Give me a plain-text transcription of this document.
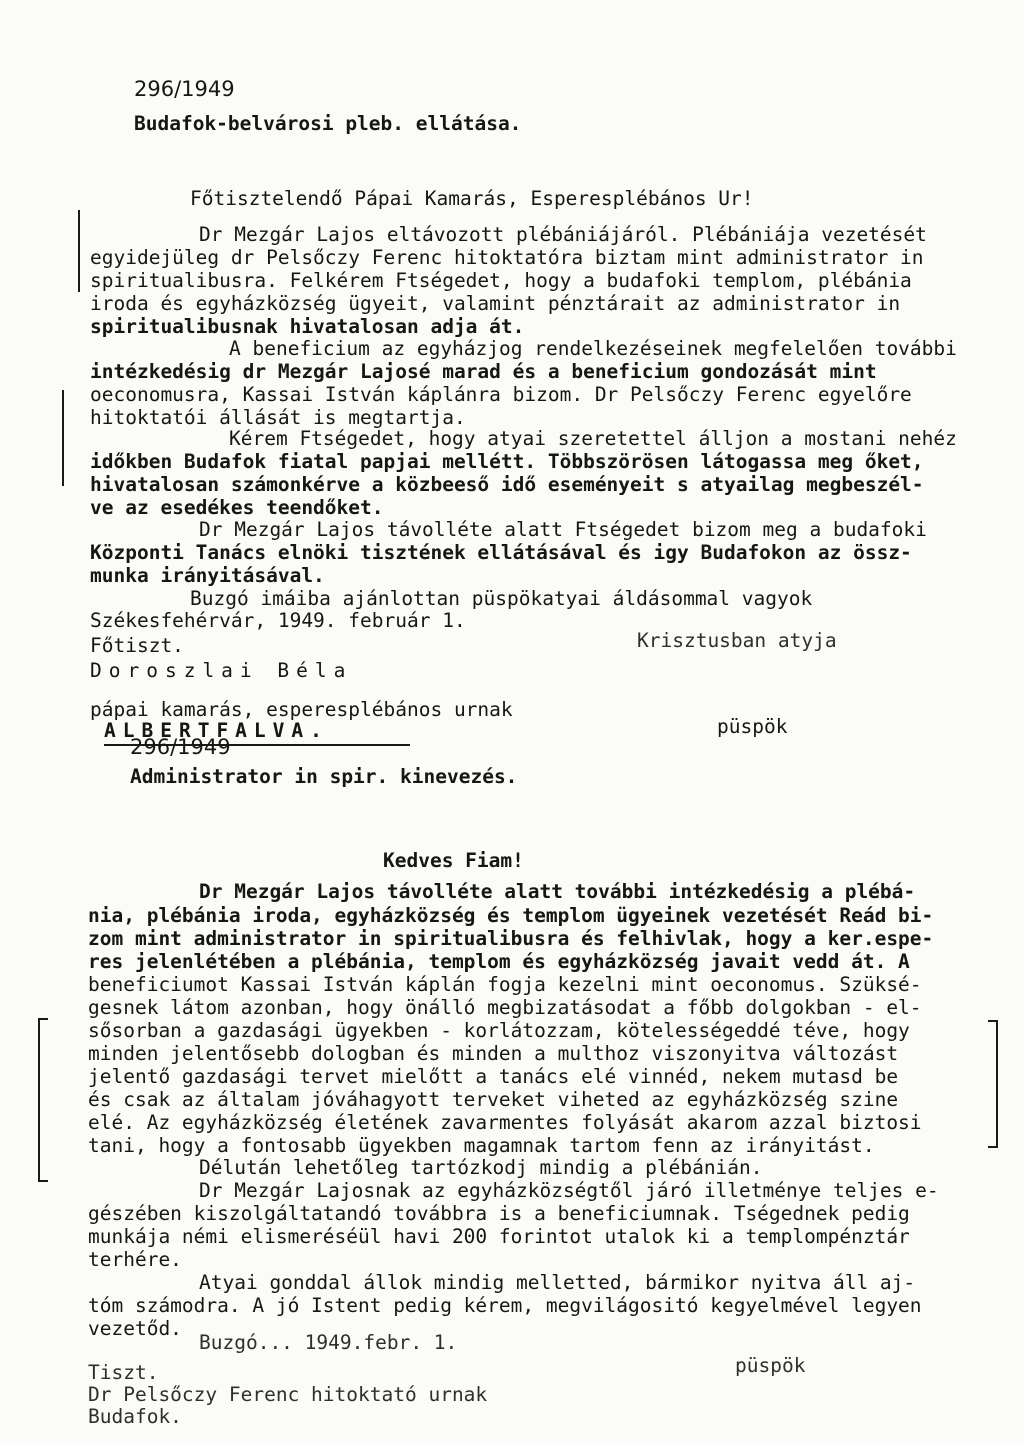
296/1949
Budafok-belvárosi pleb. ellátása.
Főtisztelendő Pápai Kamarás, Esperesplébános Ur!
Dr Mezgár Lajos eltávozott plébániájáról. Plébániája vezetését
egyidejüleg dr Pelsőczy Ferenc hitoktatóra biztam mint administrator in
spiritualibusra. Felkérem Ftségedet, hogy a budafoki templom, plébánia
iroda és egyházközség ügyeit, valamint pénztárait az administrator in
spiritualibusnak hivatalosan adja át.
A beneficium az egyházjog rendelkezéseinek megfelelően további
intézkedésig dr Mezgár Lajosé marad és a beneficium gondozását mint
oeconomusra, Kassai István káplánra bizom. Dr Pelsőczy Ferenc egyelőre
hitoktatói állását is megtartja.
Kérem Ftségedet, hogy atyai szeretettel álljon a mostani nehéz
időkben Budafok fiatal papjai mellétt. Többszörösen látogassa meg őket,
hivatalosan számonkérve a közbeeső idő eseményeit s atyailag megbeszél-
ve az esedékes teendőket.
Dr Mezgár Lajos távolléte alatt Ftségedet bizom meg a budafoki
Központi Tanács elnöki tisztének ellátásával és igy Budafokon az össz-
munka irányitásával.
Buzgó imáiba ajánlottan püspökatyai áldásommal vagyok
Székesfehérvár, 1949. február 1.
Krisztusban atyja
Főtiszt.
Doroszlai Béla
pápai kamarás, esperesplébános urnak
ALBERTFALVA.	püspök
296/1949
Administrator in spir. kinevezés.
Kedves Fiam!
Dr Mezgár Lajos távolléte alatt további intézkedésig a plébá-
nia, plébánia iroda, egyházközség és templom ügyeinek vezetését Reád bi-
zom mint administrator in spiritualibusra és felhivlak, hogy a ker.espe-
res jelenlétében a plébánia, templom és egyházközség javait vedd át. A
beneficiumot Kassai István káplán fogja kezelni mint oeconomus. Szüksé-
gesnek látom azonban, hogy önálló megbizatásodat a főbb dolgokban - el-
sősorban a gazdasági ügyekben - korlátozzam, kötelességeddé téve, hogy
minden jelentősebb dologban és minden a multhoz viszonyitva változást
jelentő gazdasági tervet mielőtt a tanács elé vinnéd, nekem mutasd be
és csak az általam jóváhagyott terveket viheted az egyházközség szine
elé. Az egyházközség életének zavarmentes folyását akarom azzal biztosi
tani, hogy a fontosabb ügyekben magamnak tartom fenn az irányitást.
Délután lehetőleg tartózkodj mindig a plébánián.
Dr Mezgár Lajosnak az egyházközségtől járó illetménye teljes e-
gészében kiszolgáltatandó továbbra is a beneficiumnak. Tségednek pedig
munkája némi elismeréséül havi 200 forintot utalok ki a templompénztár
terhére.
Atyai gonddal állok mindig melletted, bármikor nyitva áll aj-
tóm számodra. A jó Istent pedig kérem, megvilágositó kegyelmével legyen
vezetőd.
Buzgó... 1949.febr. 1.
püspök
Tiszt.
Dr Pelsőczy Ferenc hitoktató urnak
Budafok.
